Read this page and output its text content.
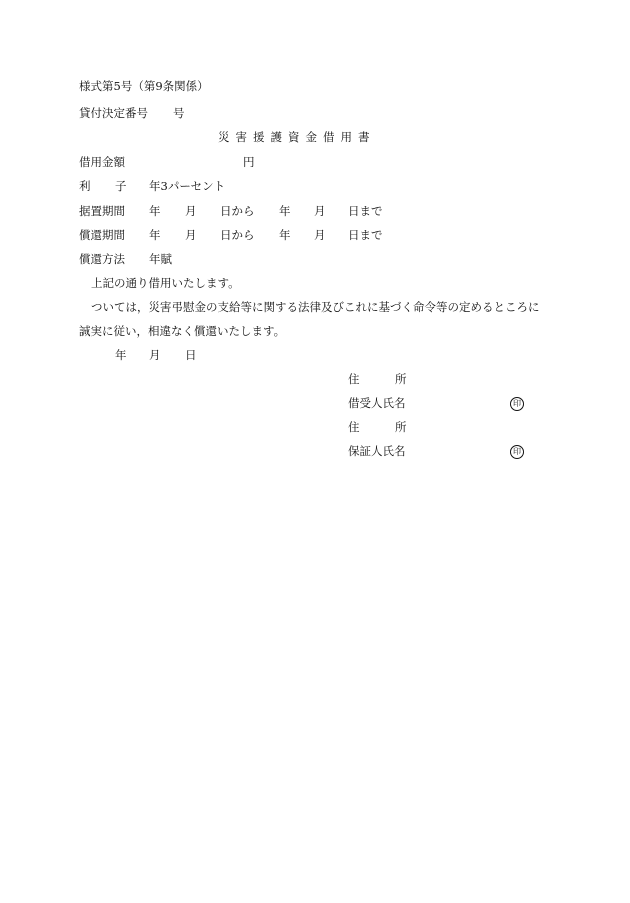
様式第5号（第9条関係）
貸付決定番号 号
災害援護資金借用書
借用金額	円
利 子 年3パーセント
据置期間 年 月 日から 年 月 日まで
償還期間 年 月 日から 年 月 日まで
償還方法 年賦
上記の通り借用いたします。
ついては，災害弔慰金の支給等に関する法律及びこれに基づく命令等の定めるところに
誠実に従い，相違なく償還いたします。
年 月 日
住	所
借受人氏名	印
住	所
保証人氏名	印
